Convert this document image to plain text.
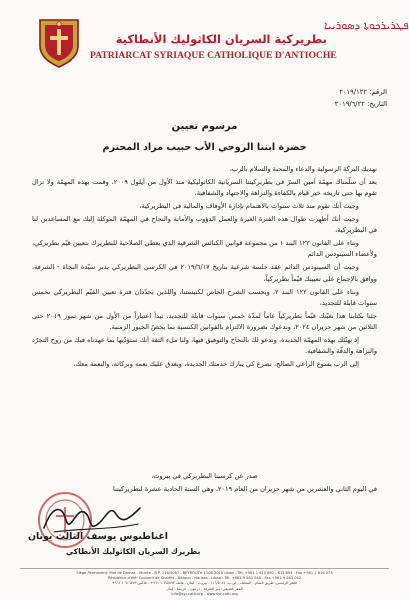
ܦܛܪܝܪܟܘܬܐ ܕܣܘܪܝܝܐ
بطريركية السريان الكاثوليك الأنطاكية
PATRIARCAT SYRIAQUE CATHOLIQUE D'ANTIOCHE
الرقم: ٢٠١٩/١٢٢
التاريخ: ٢٠١٩/٦/٢٢
مرسوم تعيين
حضرة ابننا الروحي الأب حبيب مراد المحترم

نهديك البركة الرسولية والدعاء والمحبة والسلام بالرب،

بعد أن سلّمناك مهمّة أمين السرّ في بطريركيتنا السريانية الكاثوليكية منذ الأول من أيلول ٢٠٠٩، وقمت بهذه المهمّة ولا تزال تقوم بها حتى تاريخه خير قيام بالكفاءة والنزاهة والاجتهاد والشفافية،

وحيث أنك تقوم منذ ثلاث سنوات بالاهتمام بإدارة الأوقاف والمالية في البطريركية،

وحيث أنك أظهرت طوال هذه الفترة الغيرة والعمل الدؤوب والأمانة والنجاح في المهمّة الموكلة إليك مع المساعدين لنا في البطريركية،

وبناء على القانون ١٢٢ البند ١ من مجموعة قوانين الكنائس الشرقية الذي يعطي الصلاحية للبطريرك بتعيين قيّم بطريركي، ولأعضاء السينودس الدائم

وحيث أن السينودس الدائم عقد جلسة شرعية بتاريخ ٢٠١٩/٦/١٧ في الكرسي البطريركي بدير سيّدة النجاة - الشرفة، ووافق بالإجماع على تعيينك قيّماً بطريركياً،

وبناء على القانون ١٢٢ البند ٢، وبحسب الشرح الخاص لكنيستنا، واللذين يحدّدان فترة تعيين القيّم البطريركي بخمس سنوات قابلة للتجديد،

جئنا بكتابنا هذا نعيّنك قيّماً بطريركياً عاماً لمدّة خمس سنوات قابلة للتجديد، تبدأ اعتباراً من الأول من شهر تموز ٢٠١٩ حتى الثلاثين من شهر حزيران ٢٠٢٤، وندعوك بضرورة الالتزام بالقوانين الكنسية بما يخصّ الخيور الزمنية.

إذ نهنّئك بهذه المهمّة الجديدة، وندعو لك بالنجاح والتوفيق فيها، ولنا ملء الثقة أنك ستؤدّيها بما عهدناه فيك من روح التجرّد والنزاهة والدقّة والشفافية.

إلى الرب يسوع الراعي الصالح، نضرع كي يبارك خدمتك الجديدة، ويغدق عليك نعمه وبركاته، والنعمة معك،

صدر عن كرسينا البطريركي في بيروت،
في اليوم الثاني والعشرين من شهر حزيران من العام ٢٠١٩، وهي السنة الحادية عشرة لبطريركيتنا
اغناطيوس يوسف الثالث يونان
بطريرك السريان الكاثوليك الأنطاكي
Siège Permanent: Rue de Damas - Musée - B.P. 116/5087 - BEYROUTH 1106-2010 Liban - Tél. +961 1 615 892 - 615 894 - Fax +961 1 616 573
Résidence d'été: Couvent de Charfet - Daroun - Harissa - Liban - Tél. +961 9 263 040 - Fax +961 9 263 042
المقر الرئيسي: طريق الشام - المتحف - ص.ب. ١١٦/٥٠٨٧ - بيروت - لبنان - هاتف ٦١٥٨٩٢ ١ ٩٦١+ - فاكس ٦١٦٥٧٣ ١ ٩٦١+
المقر الصيفي: دير الشرفة - درعون - حريصا - لبنان
info@syr-cath.org - www.syr-cath.org
